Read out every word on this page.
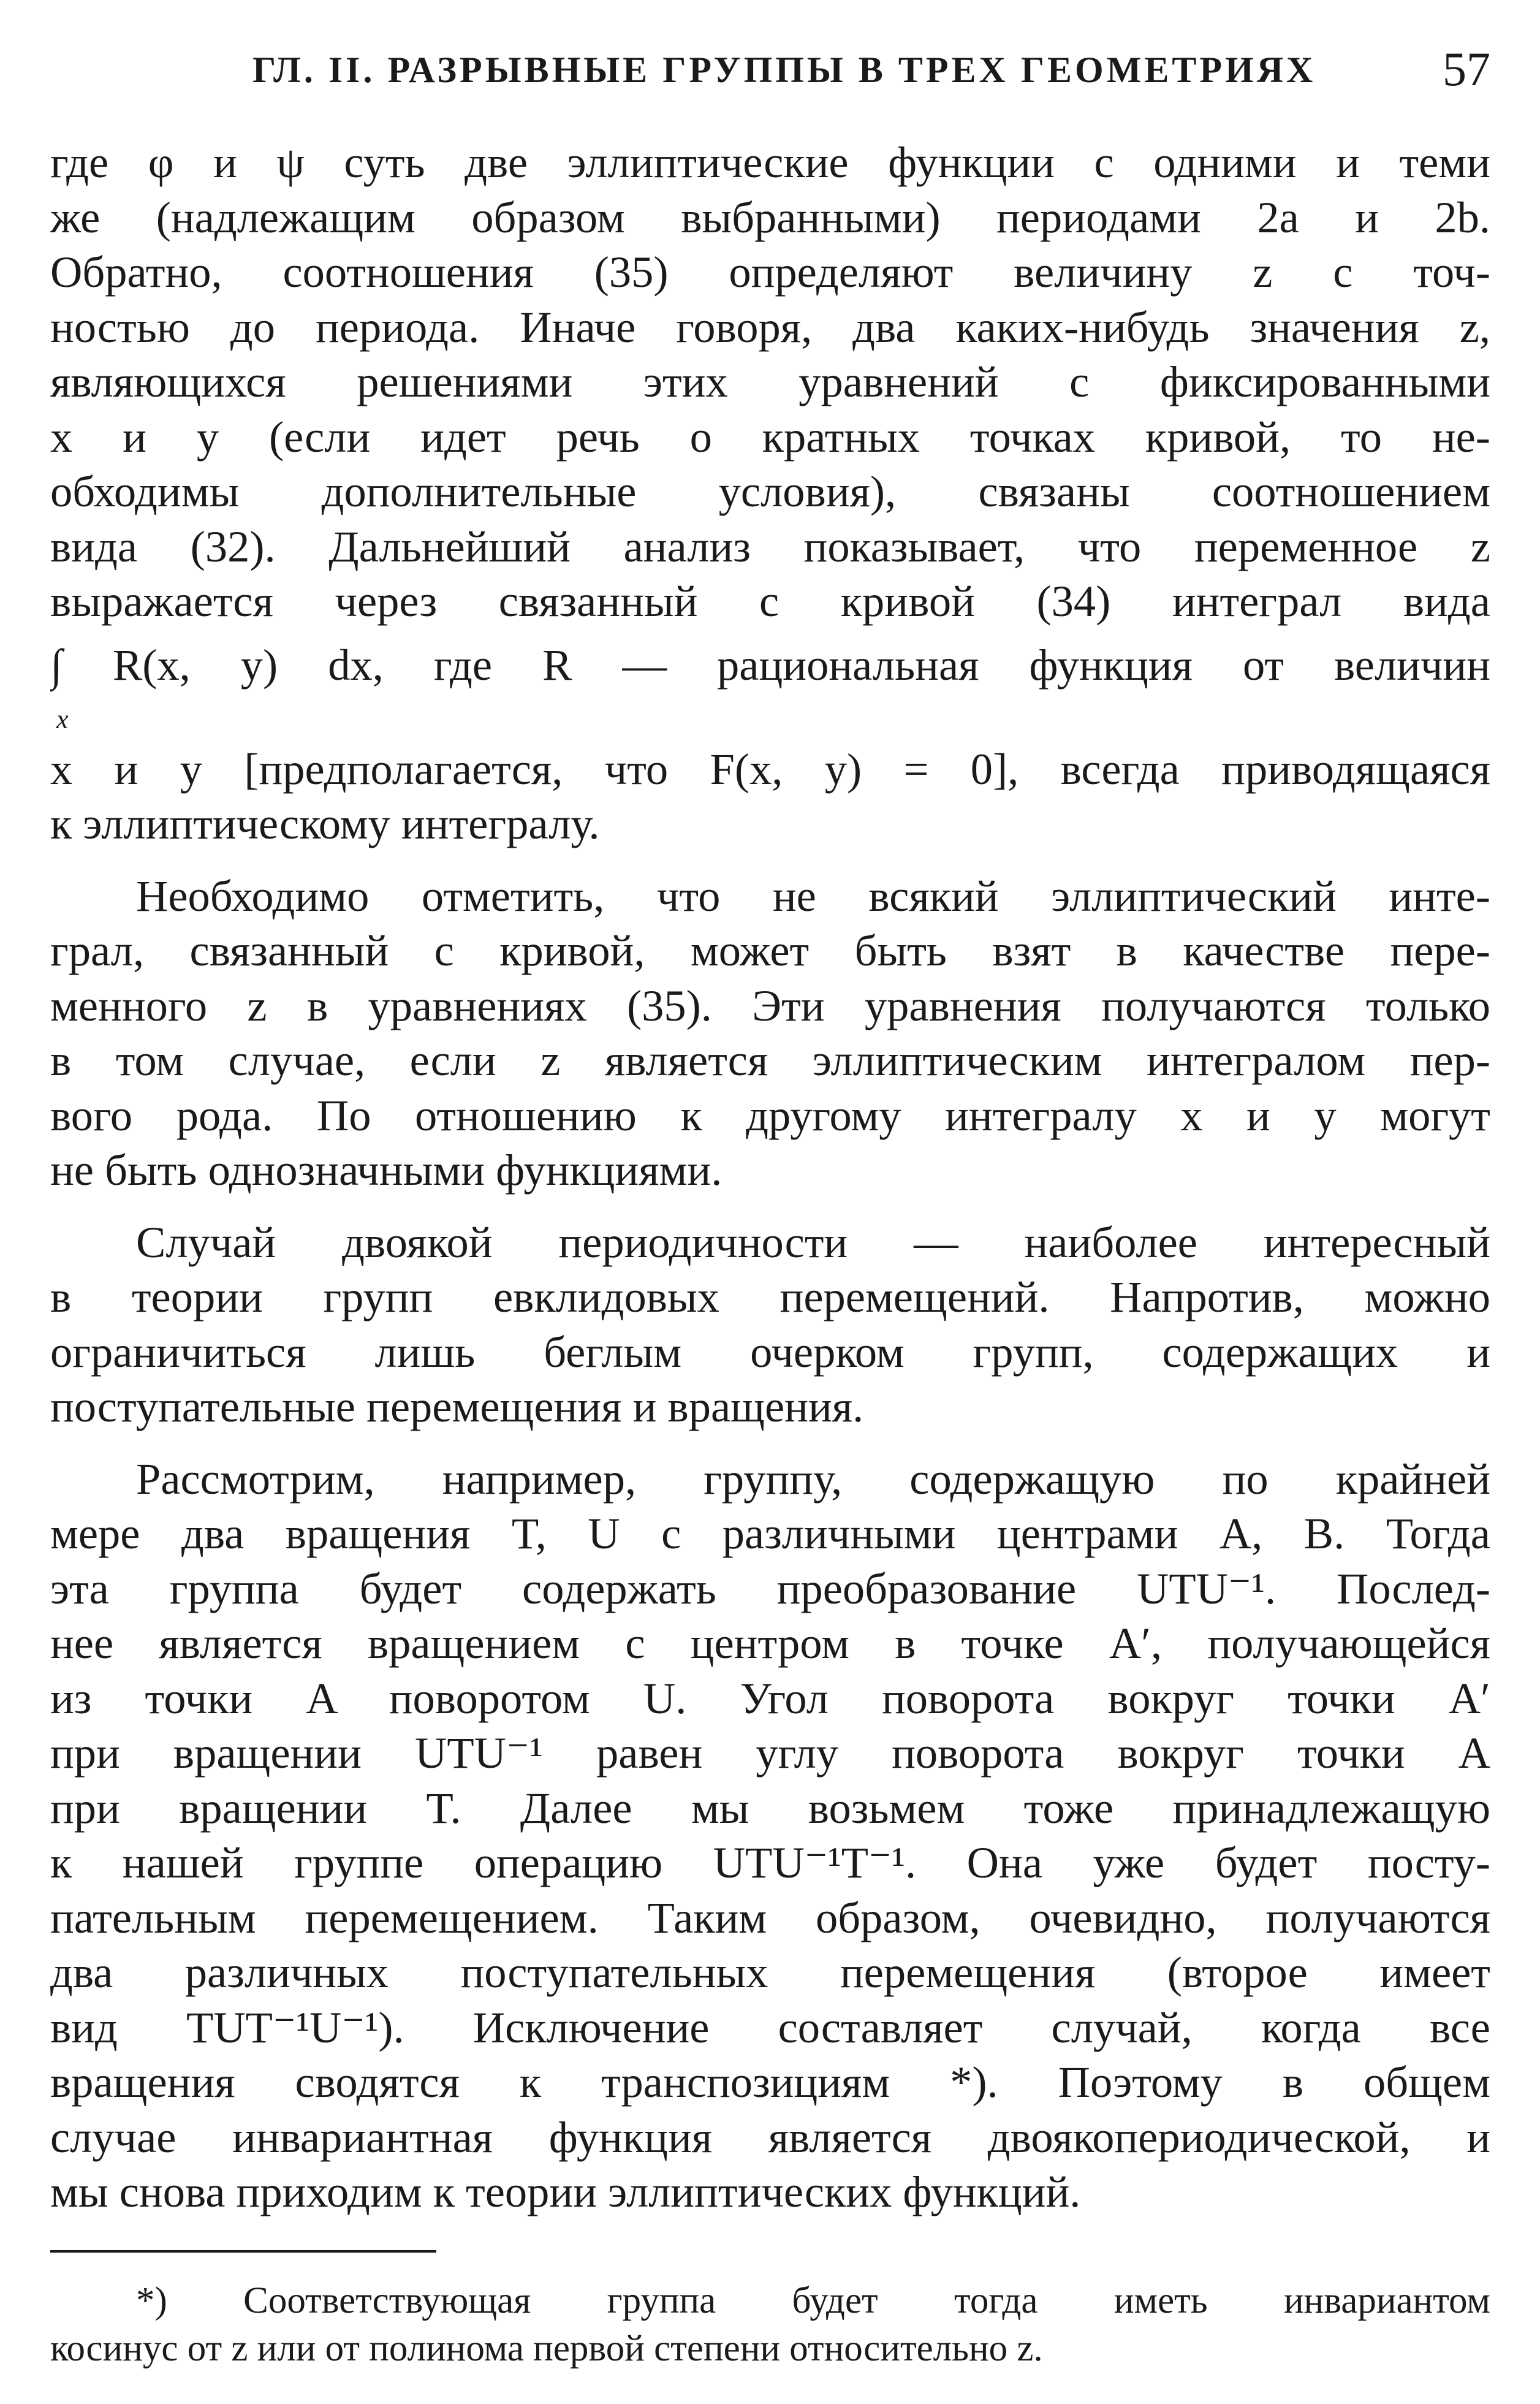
ГЛ. II. РАЗРЫВНЫЕ ГРУППЫ В ТРЕХ ГЕОМЕТРИЯХ	57
где φ и ψ суть две эллиптические функции с одними и теми
же (надлежащим образом выбранными) периодами 2a и 2b.
Обратно, соотношения (35) определяют величину z с точ-
ностью до периода. Иначе говоря, два каких-нибудь значения z,
являющихся решениями этих уравнений с фиксированными
x и y (если идет речь о кратных точках кривой, то не-
обходимы дополнительные условия), связаны соотношением
вида (32). Дальнейший анализ показывает, что переменное z
выражается через связанный с кривой (34) интеграл вида
∫ R(x, y) dx, где R — рациональная функция от величин
x
x и y [предполагается, что F(x, y) = 0], всегда приводящаяся
к эллиптическому интегралу.
Необходимо отметить, что не всякий эллиптический инте-
грал, связанный с кривой, может быть взят в качестве пере-
менного z в уравнениях (35). Эти уравнения получаются только
в том случае, если z является эллиптическим интегралом пер-
вого рода. По отношению к другому интегралу x и y могут
не быть однозначными функциями.
Случай двоякой периодичности — наиболее интересный
в теории групп евклидовых перемещений. Напротив, можно
ограничиться лишь беглым очерком групп, содержащих и
поступательные перемещения и вращения.
Рассмотрим, например, группу, содержащую по крайней
мере два вращения T, U с различными центрами A, B. Тогда
эта группа будет содержать преобразование UTU⁻¹. Послед-
нее является вращением с центром в точке A′, получающейся
из точки A поворотом U. Угол поворота вокруг точки A′
при вращении UTU⁻¹ равен углу поворота вокруг точки A
при вращении T. Далее мы возьмем тоже принадлежащую
к нашей группе операцию UTU⁻¹T⁻¹. Она уже будет посту-
пательным перемещением. Таким образом, очевидно, получаются
два различных поступательных перемещения (второе имеет
вид TUT⁻¹U⁻¹). Исключение составляет случай, когда все
вращения сводятся к транспозициям *). Поэтому в общем
случае инвариантная функция является двоякопериодической, и
мы снова приходим к теории эллиптических функций.
*) Соответствующая группа будет тогда иметь инвариантом
косинус от z или от полинома первой степени относительно z.
